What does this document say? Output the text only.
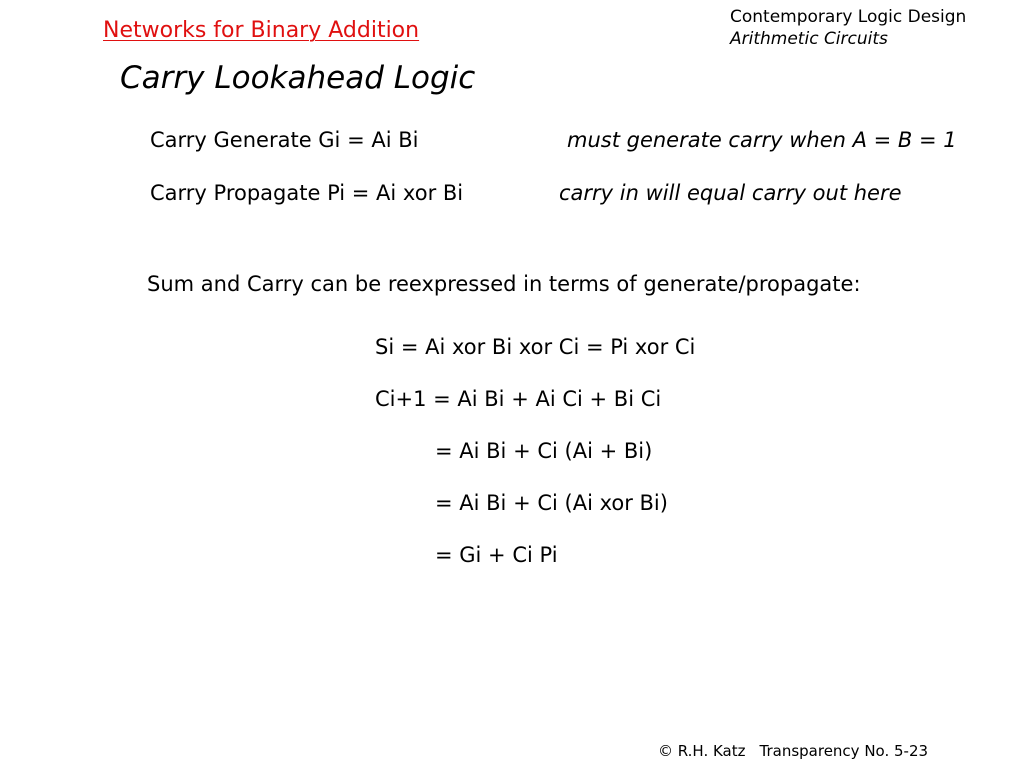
Networks for Binary Addition
Contemporary Logic Design
Arithmetic Circuits
Carry Lookahead Logic
Carry Generate Gi = Ai Bi	must generate carry when A = B = 1
Carry Propagate Pi = Ai xor Bi	carry in will equal carry out here
Sum and Carry can be reexpressed in terms of generate/propagate:
Si = Ai xor Bi xor Ci = Pi xor Ci
Ci+1 = Ai Bi + Ai Ci + Bi Ci
= Ai Bi + Ci (Ai + Bi)
= Ai Bi + Ci (Ai xor Bi)
= Gi + Ci Pi
© R.H. Katz Transparency No. 5-23
